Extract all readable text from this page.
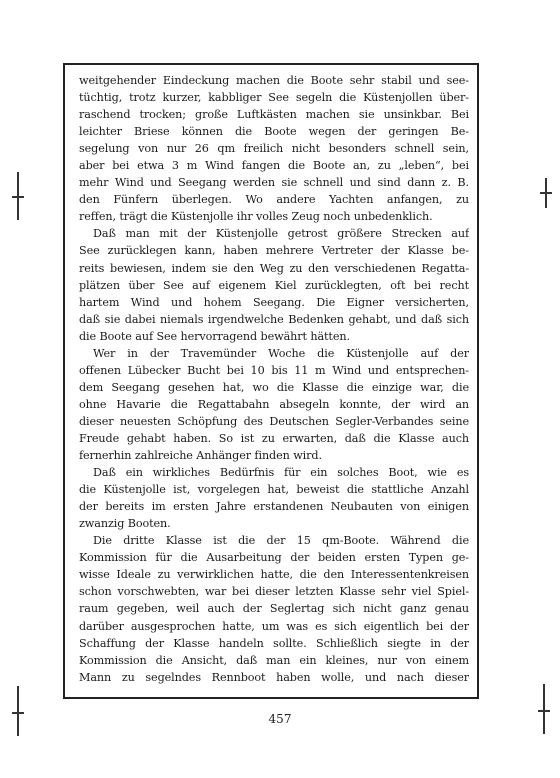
weitgehender Eindeckung machen die Boote sehr stabil und see-

tüchtig, trotz kurzer, kabbliger See segeln die Küstenjollen über-

raschend trocken; große Luftkästen machen sie unsinkbar. Bei

leichter Briese können die Boote wegen der geringen Be-

segelung von nur 26 qm freilich nicht besonders schnell sein,

aber bei etwa 3 m Wind fangen die Boote an, zu „leben“, bei

mehr Wind und Seegang werden sie schnell und sind dann z. B.

den Fünfern überlegen. Wo andere Yachten anfangen, zu

reffen, trägt die Küstenjolle ihr volles Zeug noch unbedenklich.

Daß man mit der Küstenjolle getrost größere Strecken auf

See zurücklegen kann, haben mehrere Vertreter der Klasse be-

reits bewiesen, indem sie den Weg zu den verschiedenen Regatta-

plätzen über See auf eigenem Kiel zurücklegten, oft bei recht

hartem Wind und hohem Seegang. Die Eigner versicherten,

daß sie dabei niemals irgendwelche Bedenken gehabt, und daß sich

die Boote auf See hervorragend bewährt hätten.

Wer in der Travemünder Woche die Küstenjolle auf der

offenen Lübecker Bucht bei 10 bis 11 m Wind und entsprechen-

dem Seegang gesehen hat, wo die Klasse die einzige war, die

ohne Havarie die Regattabahn absegeln konnte, der wird an

dieser neuesten Schöpfung des Deutschen Segler-Verbandes seine

Freude gehabt haben. So ist zu erwarten, daß die Klasse auch

fernerhin zahlreiche Anhänger finden wird.

Daß ein wirkliches Bedürfnis für ein solches Boot, wie es

die Küstenjolle ist, vorgelegen hat, beweist die stattliche Anzahl

der bereits im ersten Jahre erstandenen Neubauten von einigen

zwanzig Booten.

Die dritte Klasse ist die der 15 qm-Boote. Während die

Kommission für die Ausarbeitung der beiden ersten Typen ge-

wisse Ideale zu verwirklichen hatte, die den Interessentenkreisen

schon vorschwebten, war bei dieser letzten Klasse sehr viel Spiel-

raum gegeben, weil auch der Seglertag sich nicht ganz genau

darüber ausgesprochen hatte, um was es sich eigentlich bei der

Schaffung der Klasse handeln sollte. Schließlich siegte in der

Kommission die Ansicht, daß man ein kleines, nur von einem

Mann zu segelndes Rennboot haben wolle, und nach dieser

457
